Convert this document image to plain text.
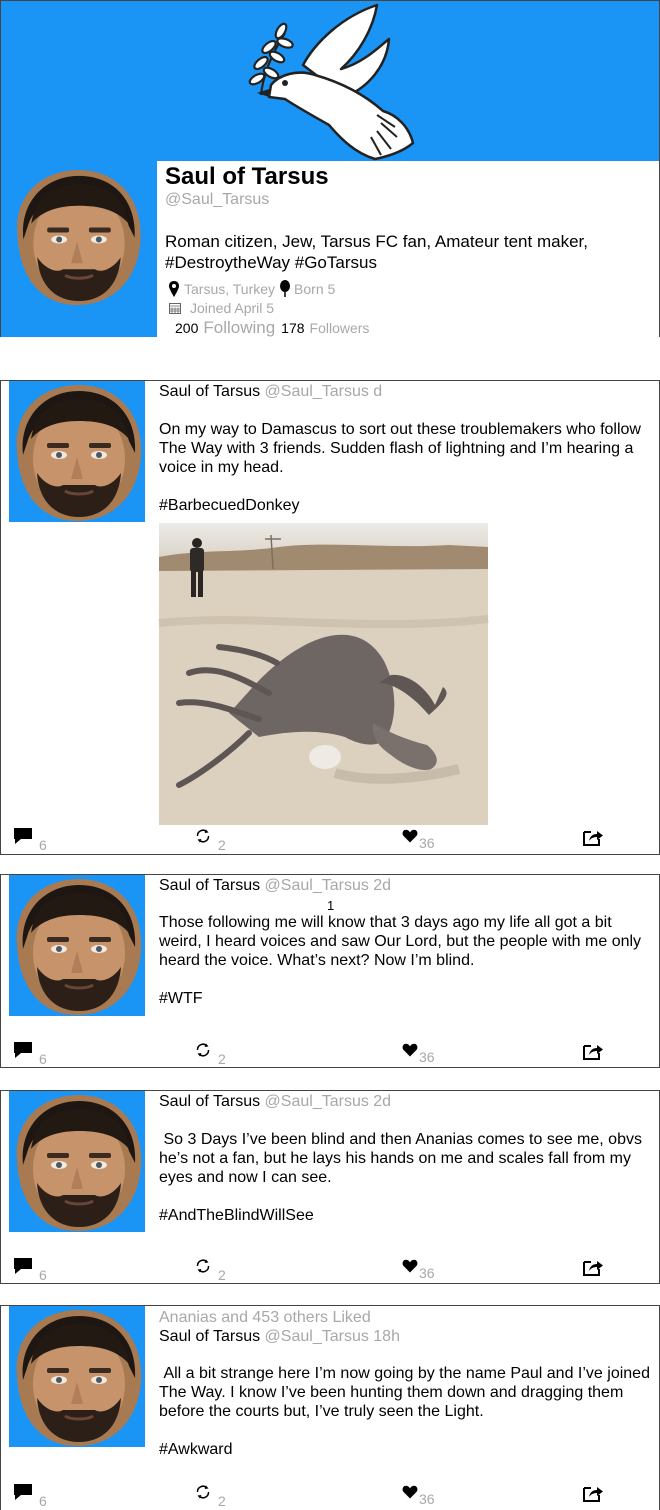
Saul of Tarsus
@Saul_Tarsus
Roman citizen, Jew, Tarsus FC fan, Amateur tent maker, #DestroytheWay #GoTarsus
Tarsus, Turkey Born 5
Joined April 5
200 Following 178 Followers
Saul of Tarsus @Saul_Tarsus d
On my way to Damascus to sort out these troublemakers who follow The Way with 3 friends. Sudden flash of lightning and I’m hearing a voice in my head.
#BarbecuedDonkey
6	2	36
Saul of Tarsus @Saul_Tarsus 2d
Those following me will know that 3 days ago my life all got a bit weird, I heard voices and saw Our Lord, but the people with me only heard the voice. What’s next? Now I’m blind.
#WTF
1
6	2	36
Saul of Tarsus @Saul_Tarsus 2d
So 3 Days I’ve been blind and then Ananias comes to see me, obvs he’s not a fan, but he lays his hands on me and scales fall from my eyes and now I can see.
#AndTheBlindWillSee
6	2	36
Ananias and 453 others Liked
Saul of Tarsus @Saul_Tarsus 18h
All a bit strange here I’m now going by the name Paul and I’ve joined The Way. I know I’ve been hunting them down and dragging them before the courts but, I’ve truly seen the Light.
#Awkward
6	2	36
